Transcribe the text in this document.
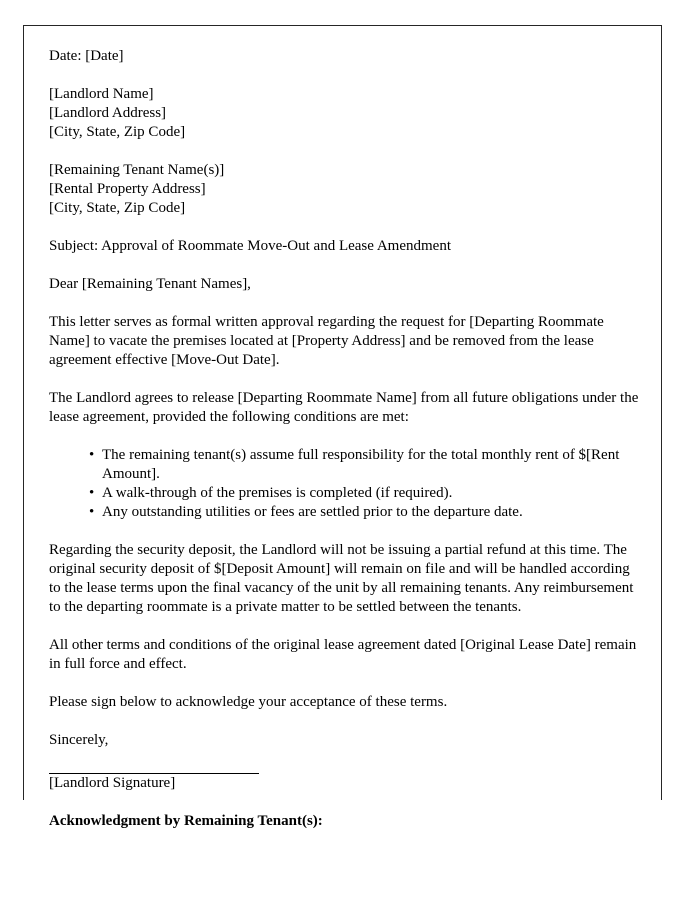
Date: [Date]
[Landlord Name]
[Landlord Address]
[City, State, Zip Code]
[Remaining Tenant Name(s)]
[Rental Property Address]
[City, State, Zip Code]
Subject: Approval of Roommate Move-Out and Lease Amendment
Dear [Remaining Tenant Names],

This letter serves as formal written approval regarding the request for [Departing Roommate Name] to vacate the premises located at [Property Address] and be removed from the lease agreement effective [Move-Out Date].

The Landlord agrees to release [Departing Roommate Name] from all future obligations under the lease agreement, provided the following conditions are met:

• The remaining tenant(s) assume full responsibility for the total monthly rent of $[Rent Amount].
• A walk-through of the premises is completed (if required).
• Any outstanding utilities or fees are settled prior to the departure date.

Regarding the security deposit, the Landlord will not be issuing a partial refund at this time. The original security deposit of $[Deposit Amount] will remain on file and will be handled according to the lease terms upon the final vacancy of the unit by all remaining tenants. Any reimbursement to the departing roommate is a private matter to be settled between the tenants.

All other terms and conditions of the original lease agreement dated [Original Lease Date] remain in full force and effect.

Please sign below to acknowledge your acceptance of these terms.

Sincerely,
[Landlord Signature]
Acknowledgment by Remaining Tenant(s):
